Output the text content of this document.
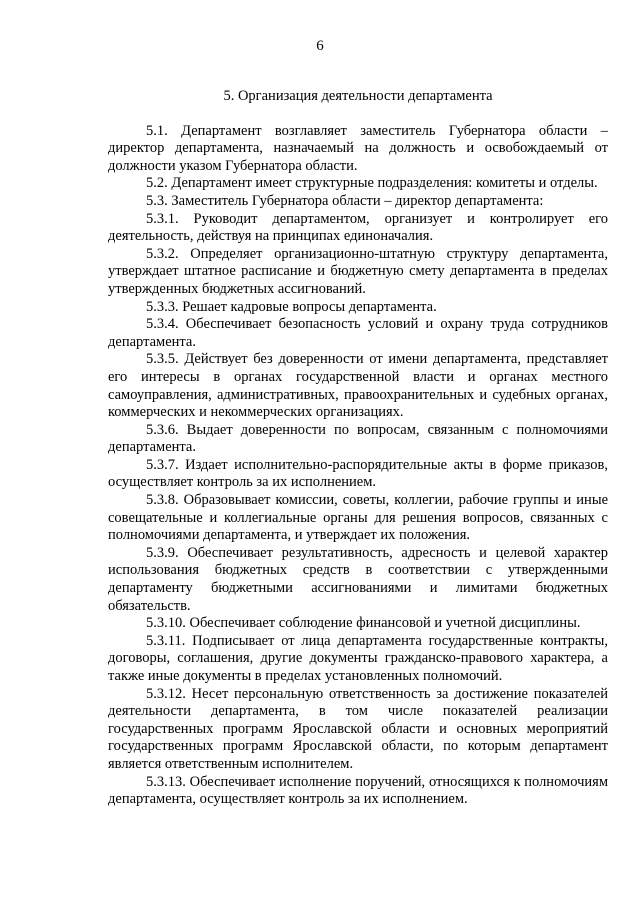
6

5. Организация деятельности департамента

5.1. Департамент возглавляет заместитель Губернатора области – директор департамента, назначаемый на должность и освобождаемый от должности указом Губернатора области.

5.2. Департамент имеет структурные подразделения: комитеты и отделы.

5.3. Заместитель Губернатора области – директор департамента:

5.3.1. Руководит департаментом, организует и контролирует его деятельность, действуя на принципах единоначалия.

5.3.2. Определяет организационно-штатную структуру департамента, утверждает штатное расписание и бюджетную смету департамента в пределах утвержденных бюджетных ассигнований.

5.3.3. Решает кадровые вопросы департамента.

5.3.4. Обеспечивает безопасность условий и охрану труда сотрудников департамента.

5.3.5. Действует без доверенности от имени департамента, представляет его интересы в органах государственной власти и органах местного самоуправления, административных, правоохранительных и судебных органах, коммерческих и некоммерческих организациях.

5.3.6. Выдает доверенности по вопросам, связанным с полномочиями департамента.

5.3.7. Издает исполнительно-распорядительные акты в форме приказов, осуществляет контроль за их исполнением.

5.3.8. Образовывает комиссии, советы, коллегии, рабочие группы и иные совещательные и коллегиальные органы для решения вопросов, связанных с полномочиями департамента, и утверждает их положения.

5.3.9. Обеспечивает результативность, адресность и целевой характер использования бюджетных средств в соответствии с утвержденными департаменту бюджетными ассигнованиями и лимитами бюджетных обязательств.

5.3.10. Обеспечивает соблюдение финансовой и учетной дисциплины.

5.3.11. Подписывает от лица департамента государственные контракты, договоры, соглашения, другие документы гражданско-правового характера, а также иные документы в пределах установленных полномочий.

5.3.12. Несет персональную ответственность за достижение показателей деятельности департамента, в том числе показателей реализации государственных программ Ярославской области и основных мероприятий государственных программ Ярославской области, по которым департамент является ответственным исполнителем.

5.3.13. Обеспечивает исполнение поручений, относящихся к полномочиям департамента, осуществляет контроль за их исполнением.
